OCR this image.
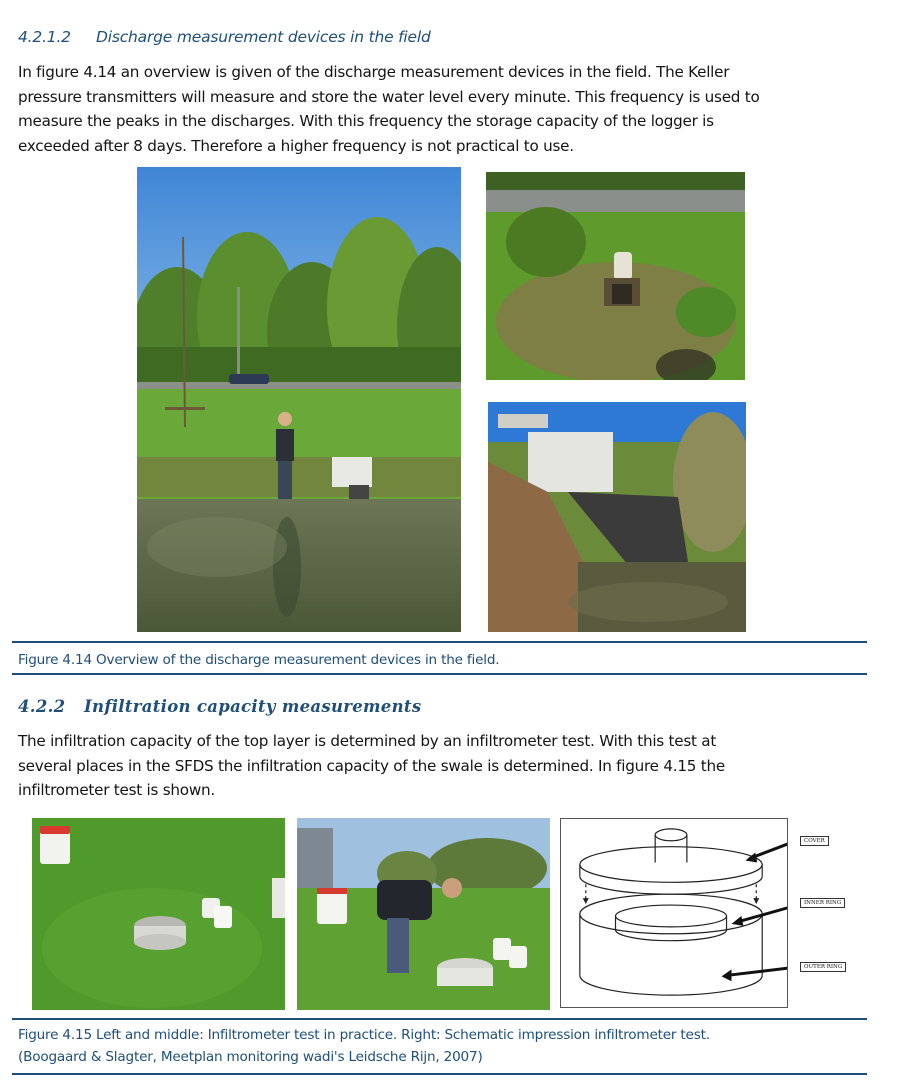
4.2.1.2 Discharge measurement devices in the field
In figure 4.14 an overview is given of the discharge measurement devices in the field. The Keller
pressure transmitters will measure and store the water level every minute. This frequency is used to
measure the peaks in the discharges. With this frequency the storage capacity of the logger is
exceeded after 8 days. Therefore a higher frequency is not practical to use.
Figure 4.14 Overview of the discharge measurement devices in the field.
4.2.2 Infiltration capacity measurements
The infiltration capacity of the top layer is determined by an infiltrometer test. With this test at
several places in the SFDS the infiltration capacity of the swale is determined. In figure 4.15 the
infiltrometer test is shown.
COVER
INNER RING
OUTER RING
Figure 4.15 Left and middle: Infiltrometer test in practice. Right: Schematic impression infiltrometer test.
(Boogaard & Slagter, Meetplan monitoring wadi's Leidsche Rijn, 2007)
